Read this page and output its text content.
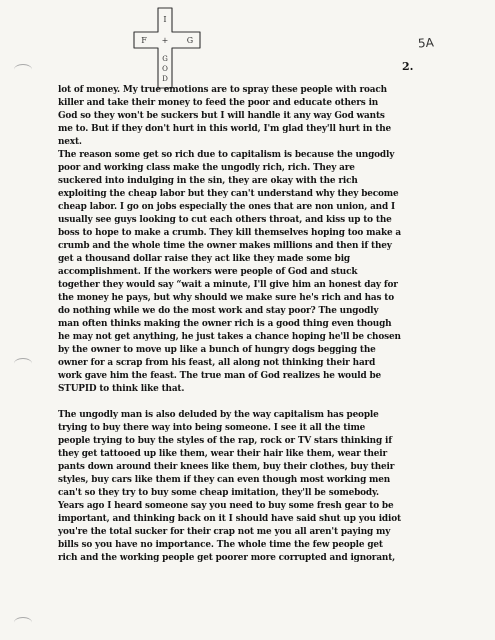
I
+
F	G
G
O
D
5A
2.
lot of money. My true emotions are to spray these people with roach
killer and take their money to feed the poor and educate others in
God so they won't be suckers but I will handle it any way God wants
me to. But if they don't hurt in this world, I'm glad they'll hurt in the
next.
The reason some get so rich due to capitalism is because the ungodly
poor and working class make the ungodly rich, rich. They are
suckered into indulging in the sin, they are okay with the rich
exploiting the cheap labor but they can't understand why they become
cheap labor. I go on jobs especially the ones that are non union, and I
usually see guys looking to cut each others throat, and kiss up to the
boss to hope to make a crumb. They kill themselves hoping too make a
crumb and the whole time the owner makes millions and then if they
get a thousand dollar raise they act like they made some big
accomplishment. If the workers were people of God and stuck
together they would say “wait a minute, I'll give him an honest day for
the money he pays, but why should we make sure he's rich and has to
do nothing while we do the most work and stay poor? The ungodly
man often thinks making the owner rich is a good thing even though
he may not get anything, he just takes a chance hoping he'll be chosen
by the owner to move up like a bunch of hungry dogs begging the
owner for a scrap from his feast, all along not thinking their hard
work gave him the feast. The true man of God realizes he would be
STUPID to think like that.
The ungodly man is also deluded by the way capitalism has people
trying to buy there way into being someone. I see it all the time
people trying to buy the styles of the rap, rock or TV stars thinking if
they get tattooed up like them, wear their hair like them, wear their
pants down around their knees like them, buy their clothes, buy their
styles, buy cars like them if they can even though most working men
can't so they try to buy some cheap imitation, they'll be somebody.
Years ago I heard someone say you need to buy some fresh gear to be
important, and thinking back on it I should have said shut up you idiot
you're the total sucker for their crap not me you all aren't paying my
bills so you have no importance. The whole time the few people get
rich and the working people get poorer more corrupted and ignorant,
